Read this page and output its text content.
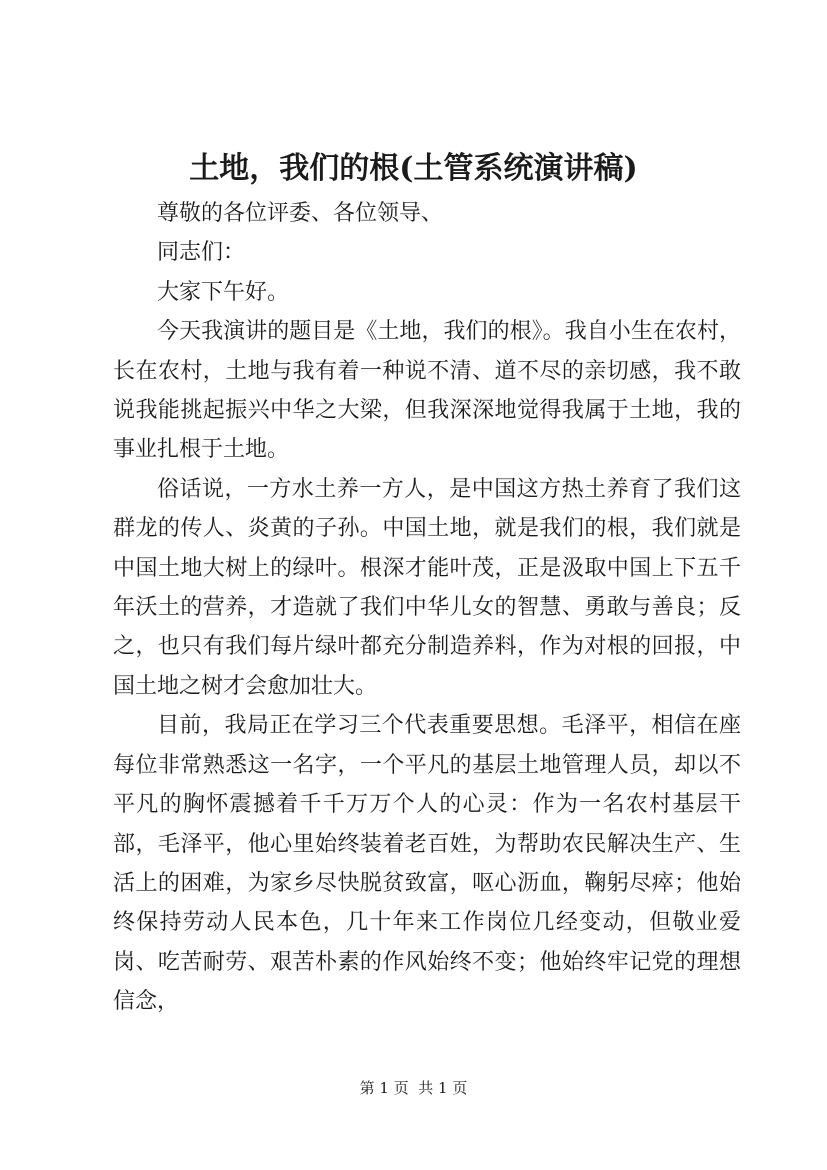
土地，我们的根(土管系统演讲稿)

尊敬的各位评委、各位领导、

同志们：

大家下午好。

今天我演讲的题目是《土地，我们的根》。我自小生在农村，长在农村，土地与我有着一种说不清、道不尽的亲切感，我不敢说我能挑起振兴中华之大梁，但我深深地觉得我属于土地，我的事业扎根于土地。

俗话说，一方水土养一方人，是中国这方热土养育了我们这群龙的传人、炎黄的子孙。中国土地，就是我们的根，我们就是中国土地大树上的绿叶。根深才能叶茂，正是汲取中国上下五千年沃土的营养，才造就了我们中华儿女的智慧、勇敢与善良；反之，也只有我们每片绿叶都充分制造养料，作为对根的回报，中国土地之树才会愈加壮大。

目前，我局正在学习三个代表重要思想。毛泽平，相信在座每位非常熟悉这一名字，一个平凡的基层土地管理人员，却以不平凡的胸怀震撼着千千万万个人的心灵：作为一名农村基层干部，毛泽平，他心里始终装着老百姓，为帮助农民解决生产、生活上的困难，为家乡尽快脱贫致富，呕心沥血，鞠躬尽瘁；他始终保持劳动人民本色，几十年来工作岗位几经变动，但敬业爱岗、吃苦耐劳、艰苦朴素的作风始终不变；他始终牢记党的理想信念，

第 1 页  共 1 页
